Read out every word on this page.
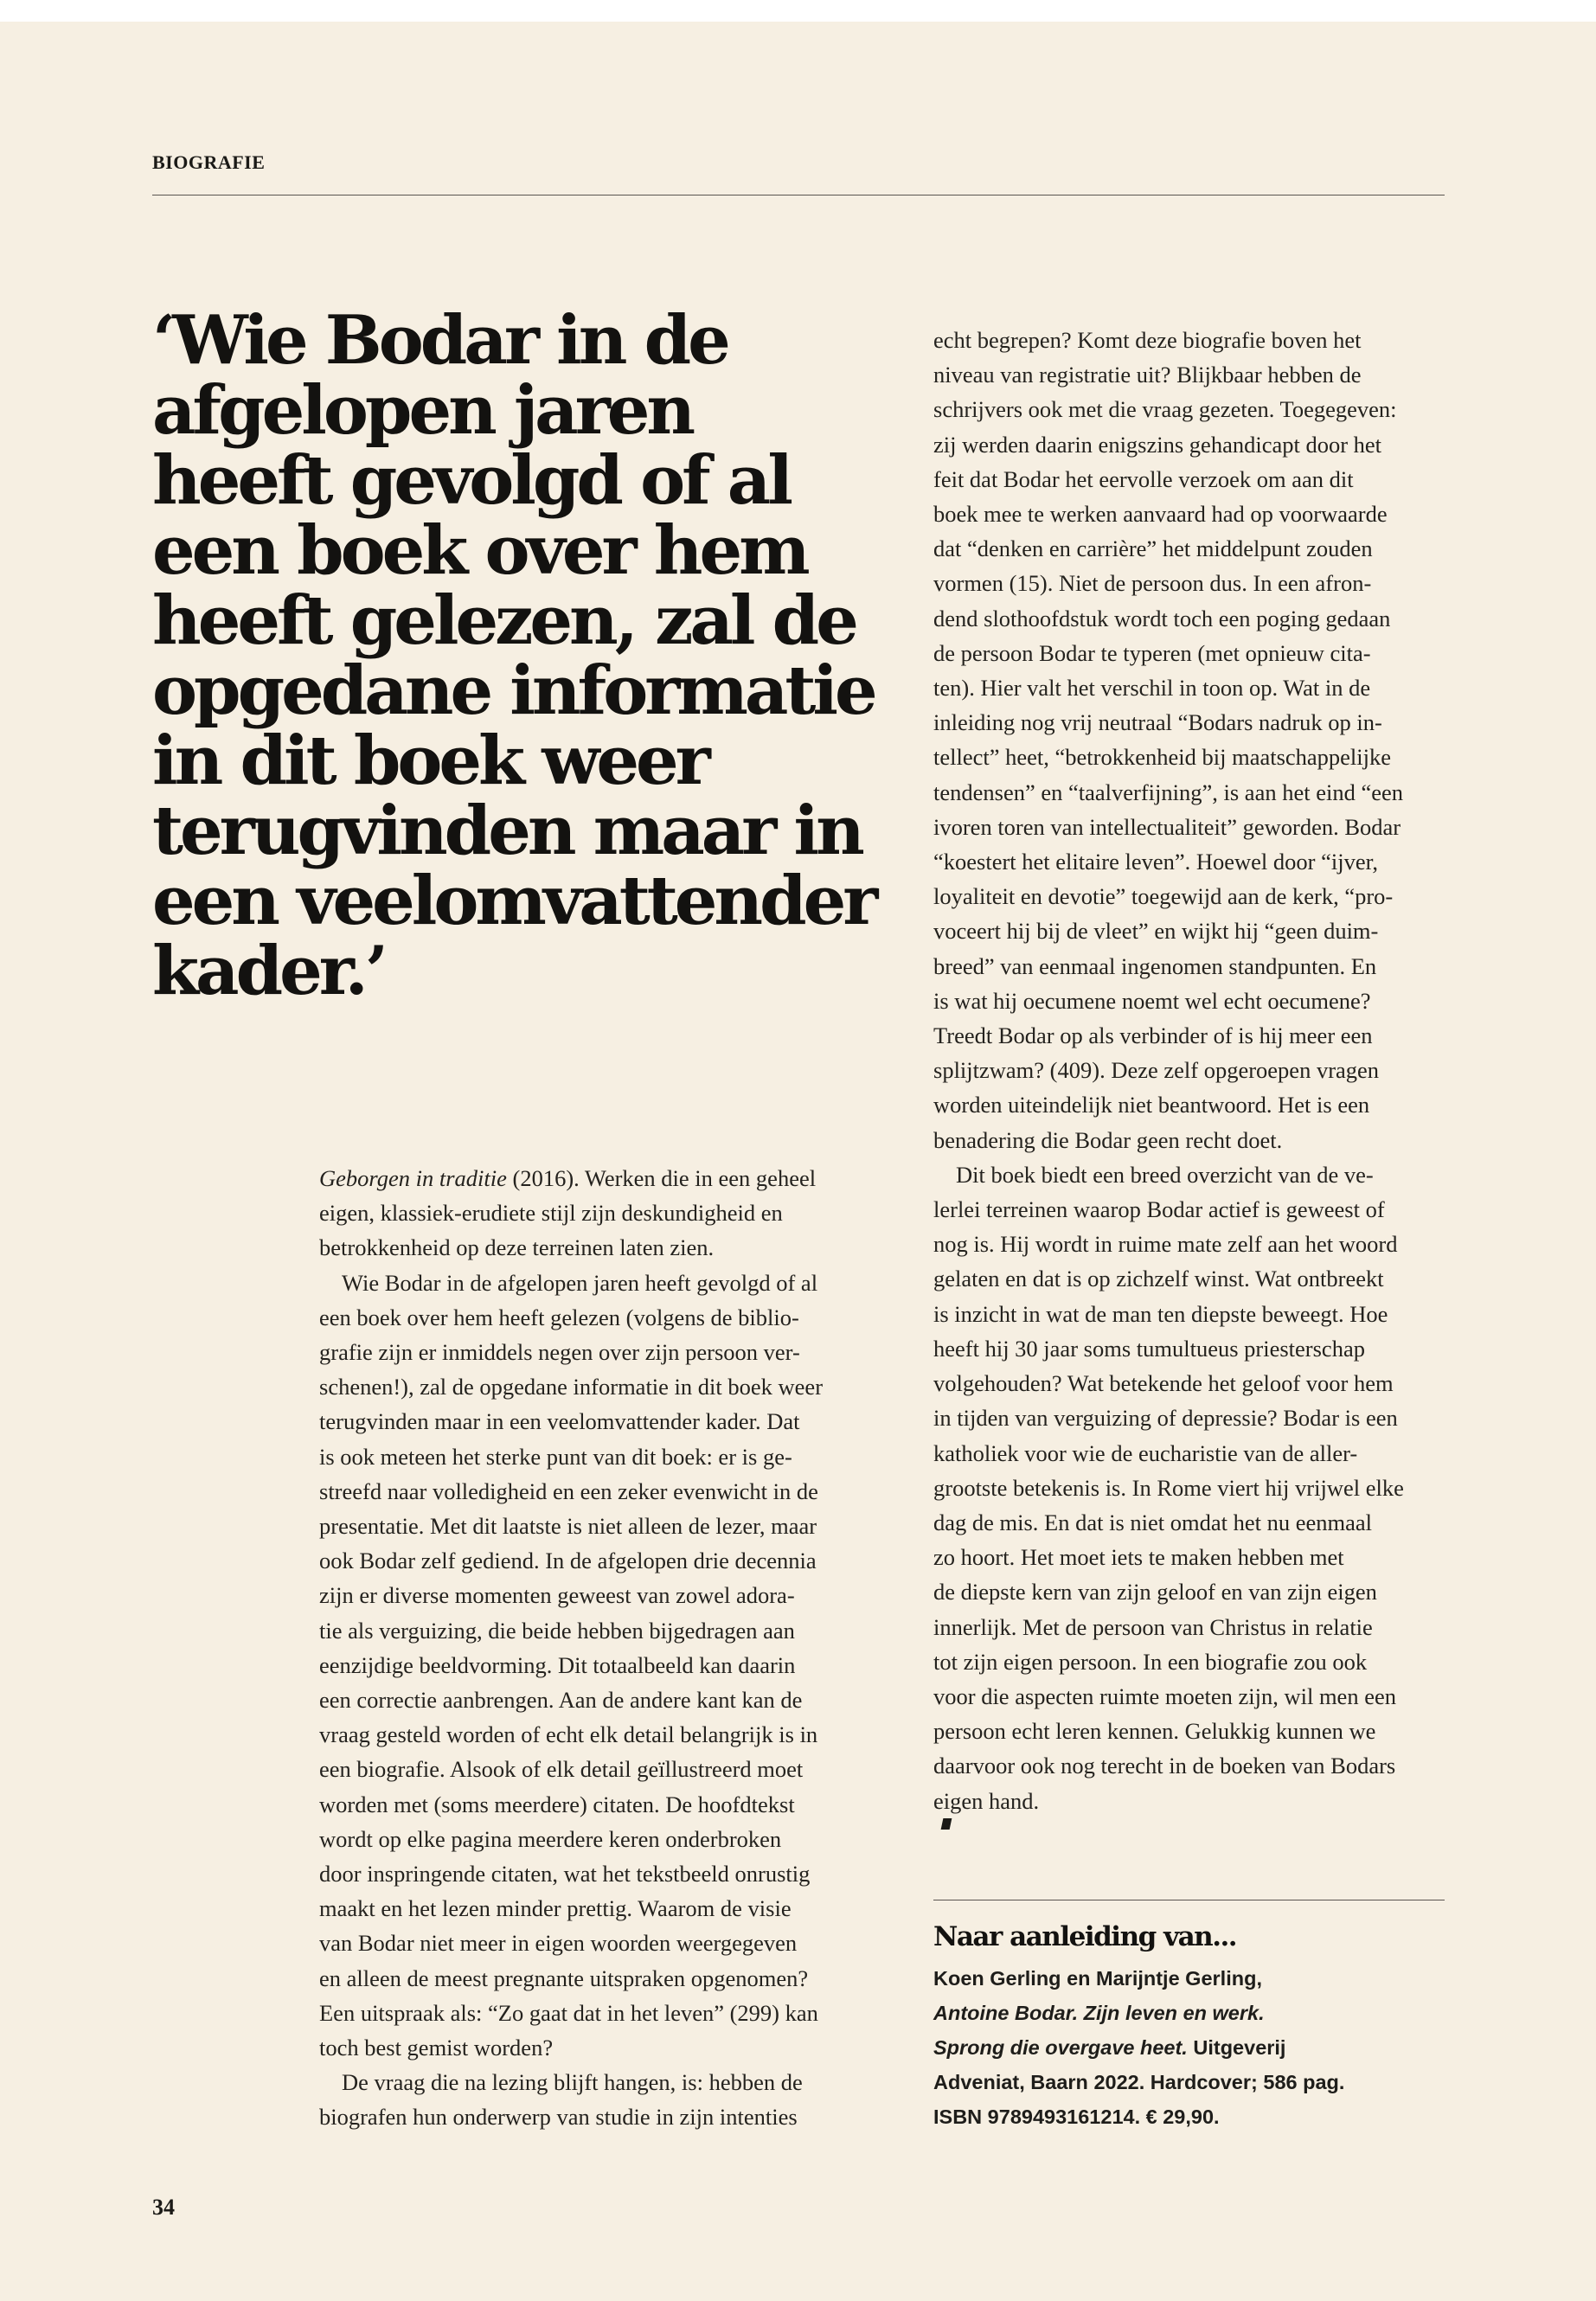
BIOGRAFIE
‘Wie Bodar in de
afgelopen jaren
heeft gevolgd of al
een boek over hem
heeft gelezen, zal de
opgedane informatie
in dit boek weer
terugvinden maar in
een veelomvattender
kader.’
Geborgen in traditie (2016). Werken die in een geheel
eigen, klassiek-erudiete stijl zijn deskundigheid en
betrokkenheid op deze terreinen laten zien.
Wie Bodar in de afgelopen jaren heeft gevolgd of al
een boek over hem heeft gelezen (volgens de biblio-
grafie zijn er inmiddels negen over zijn persoon ver-
schenen!), zal de opgedane informatie in dit boek weer
terugvinden maar in een veelomvattender kader. Dat
is ook meteen het sterke punt van dit boek: er is ge-
streefd naar volledigheid en een zeker evenwicht in de
presentatie. Met dit laatste is niet alleen de lezer, maar
ook Bodar zelf gediend. In de afgelopen drie decennia
zijn er diverse momenten geweest van zowel adora-
tie als verguizing, die beide hebben bijgedragen aan
eenzijdige beeldvorming. Dit totaalbeeld kan daarin
een correctie aanbrengen. Aan de andere kant kan de
vraag gesteld worden of echt elk detail belangrijk is in
een biografie. Alsook of elk detail geïllustreerd moet
worden met (soms meerdere) citaten. De hoofdtekst
wordt op elke pagina meerdere keren onderbroken
door inspringende citaten, wat het tekstbeeld onrustig
maakt en het lezen minder prettig. Waarom de visie
van Bodar niet meer in eigen woorden weergegeven
en alleen de meest pregnante uitspraken opgenomen?
Een uitspraak als: “Zo gaat dat in het leven” (299) kan
toch best gemist worden?
De vraag die na lezing blijft hangen, is: hebben de
biografen hun onderwerp van studie in zijn intenties
echt begrepen? Komt deze biografie boven het
niveau van registratie uit? Blijkbaar hebben de
schrijvers ook met die vraag gezeten. Toegegeven:
zij werden daarin enigszins gehandicapt door het
feit dat Bodar het eervolle verzoek om aan dit
boek mee te werken aanvaard had op voorwaarde
dat “denken en carrière” het middelpunt zouden
vormen (15). Niet de persoon dus. In een afron-
dend slothoofdstuk wordt toch een poging gedaan
de persoon Bodar te typeren (met opnieuw cita-
ten). Hier valt het verschil in toon op. Wat in de
inleiding nog vrij neutraal “Bodars nadruk op in-
tellect” heet, “betrokkenheid bij maatschappelijke
tendensen” en “taalverfijning”, is aan het eind “een
ivoren toren van intellectualiteit” geworden. Bodar
“koestert het elitaire leven”. Hoewel door “ijver,
loyaliteit en devotie” toegewijd aan de kerk, “pro-
voceert hij bij de vleet” en wijkt hij “geen duim-
breed” van eenmaal ingenomen standpunten. En
is wat hij oecumene noemt wel echt oecumene?
Treedt Bodar op als verbinder of is hij meer een
splijtzwam? (409). Deze zelf opgeroepen vragen
worden uiteindelijk niet beantwoord. Het is een
benadering die Bodar geen recht doet.
Dit boek biedt een breed overzicht van de ve-
lerlei terreinen waarop Bodar actief is geweest of
nog is. Hij wordt in ruime mate zelf aan het woord
gelaten en dat is op zichzelf winst. Wat ontbreekt
is inzicht in wat de man ten diepste beweegt. Hoe
heeft hij 30 jaar soms tumultueus priesterschap
volgehouden? Wat betekende het geloof voor hem
in tijden van verguizing of depressie? Bodar is een
katholiek voor wie de eucharistie van de aller-
grootste betekenis is. In Rome viert hij vrijwel elke
dag de mis. En dat is niet omdat het nu eenmaal
zo hoort. Het moet iets te maken hebben met
de diepste kern van zijn geloof en van zijn eigen
innerlijk. Met de persoon van Christus in relatie
tot zijn eigen persoon. In een biografie zou ook
voor die aspecten ruimte moeten zijn, wil men een
persoon echt leren kennen. Gelukkig kunnen we
daarvoor ook nog terecht in de boeken van Bodars
eigen hand.
Naar aanleiding van...
Koen Gerling en Marijntje Gerling,
Antoine Bodar. Zijn leven en werk.
Sprong die overgave heet. Uitgeverij
Adveniat, Baarn 2022. Hardcover; 586 pag.
ISBN 9789493161214. € 29,90.
34
